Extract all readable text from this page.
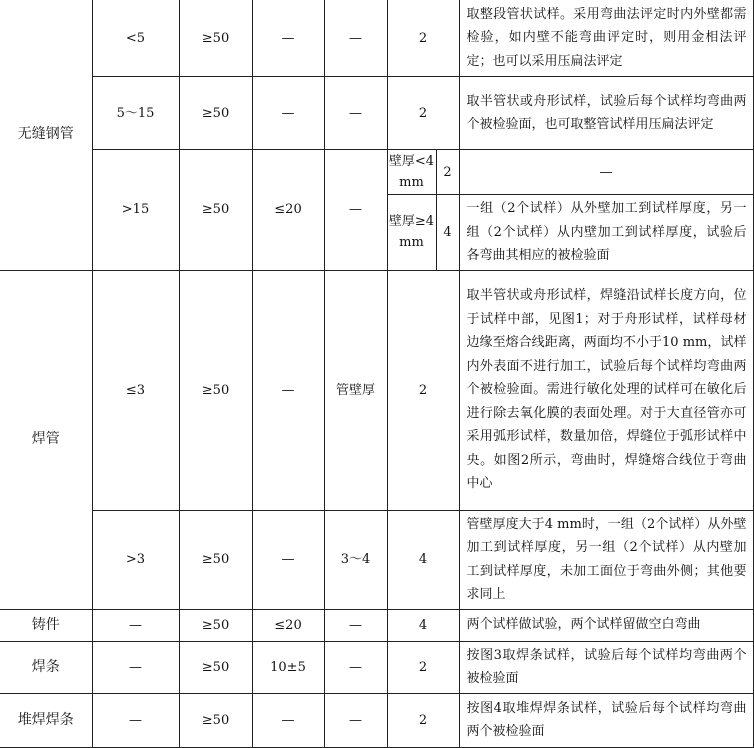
无缝钢管	<5	≥50	—	—	2		取整段管状试样。采用弯曲法评定时内外壁都需检验，如内壁不能弯曲评定时，则用金相法评定；也可以采用压扁法评定
	5～15	≥50	—	—	2		取半管状或舟形试样，试验后每个试样均弯曲两个被检验面，也可取整管试样用压扁法评定
	>15	≥50	≤20	—	壁厚<4 mm	2	—
					壁厚≥4 mm	4	一组（2个试样）从外壁加工到试样厚度，另一组（2个试样）从内壁加工到试样厚度，试验后各弯曲其相应的被检验面
焊管	≤3	≥50	—	管壁厚	2		取半管状或舟形试样，焊缝沿试样长度方向，位于试样中部，见图1；对于舟形试样，试样母材边缘至熔合线距离，两面均不小于10 mm，试样内外表面不进行加工，试验后每个试样均弯曲两个被检验面。需进行敏化处理的试样可在敏化后进行除去氧化膜的表面处理。对于大直径管亦可采用弧形试样，数量加倍，焊缝位于弧形试样中央。如图2所示，弯曲时，焊缝熔合线位于弯曲中心
	>3	≥50	—	3～4	4		管壁厚度大于4 mm时，一组（2个试样）从外壁加工到试样厚度，另一组（2个试样）从内壁加工到试样厚度，未加工面位于弯曲外侧；其他要求同上
铸件	—	≥50	≤20	—	4		两个试样做试验，两个试样留做空白弯曲
焊条	—	≥50	10±5	—	2		按图3取焊条试样，试验后每个试样均弯曲两个被检验面
堆焊焊条	—	≥50	—	—	2		按图4取堆焊焊条试样，试验后每个试样均弯曲两个被检验面
